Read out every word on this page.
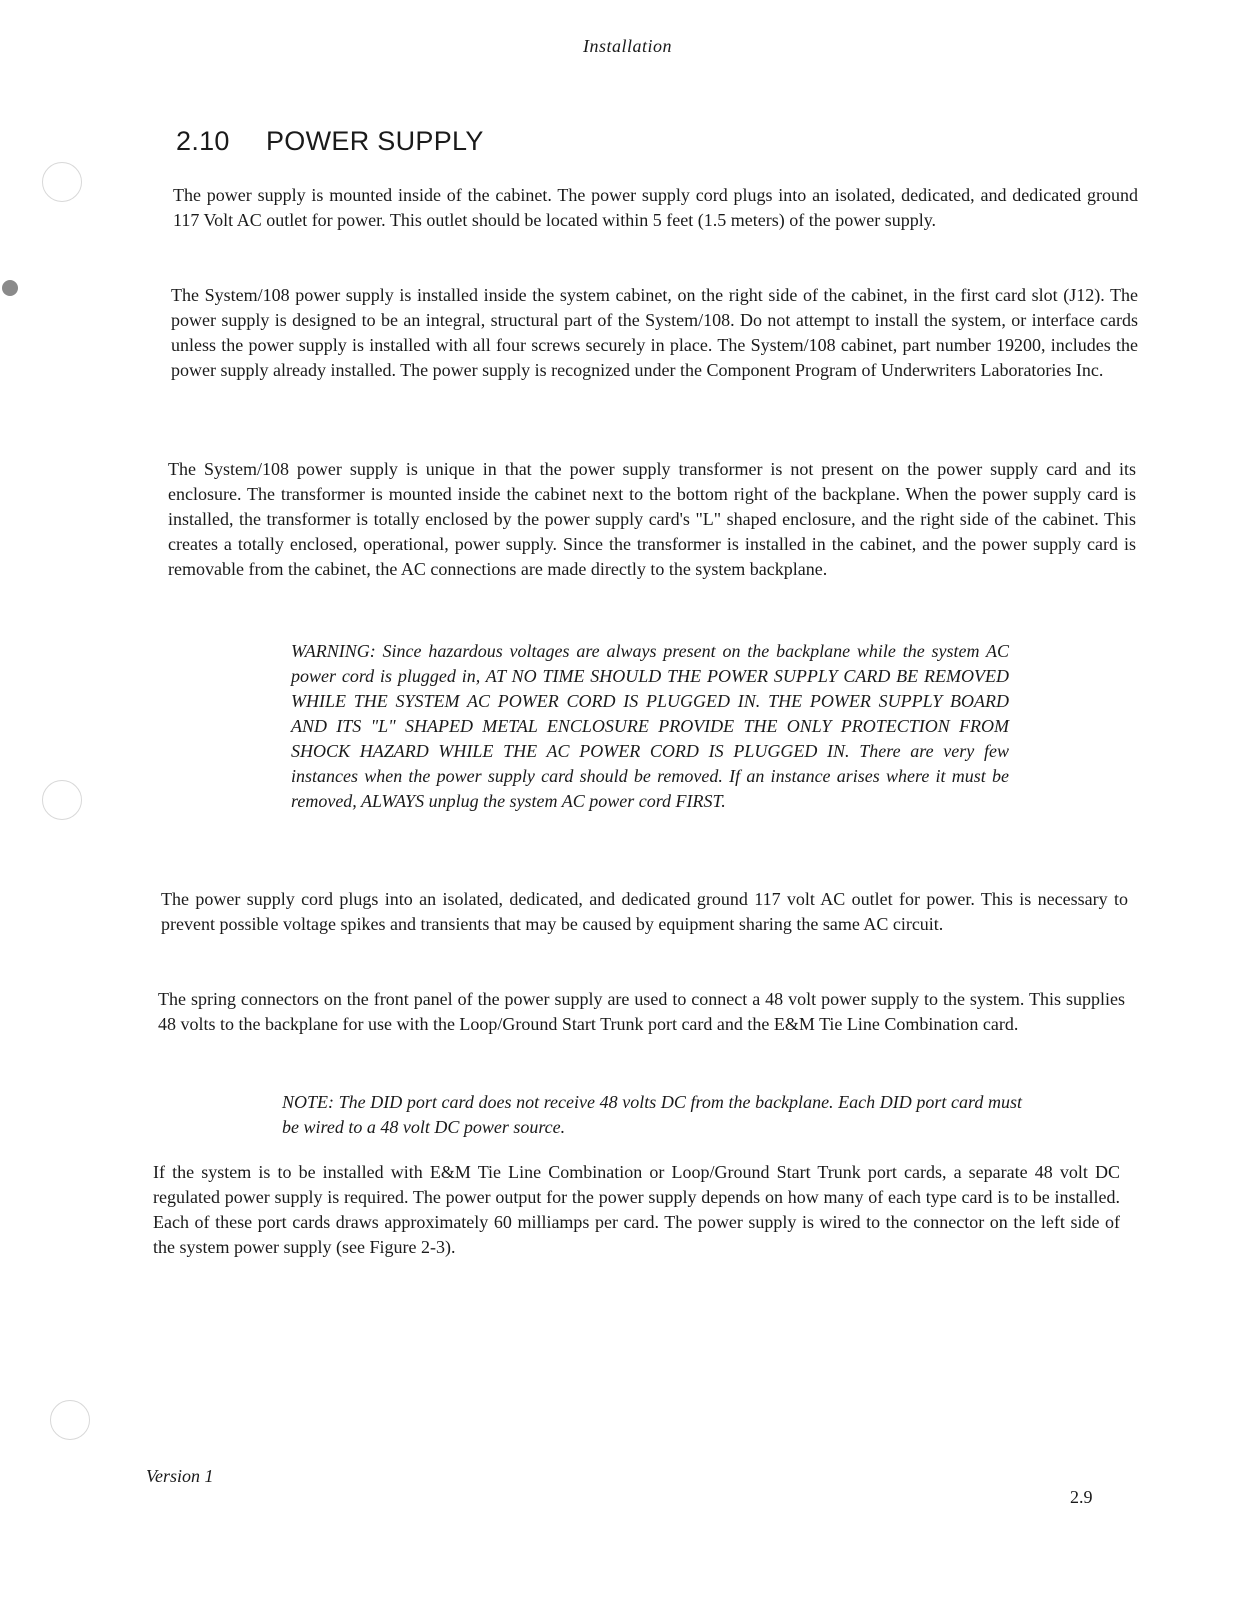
Installation
2.10 POWER SUPPLY

The power supply is mounted inside of the cabinet. The power supply cord plugs into an isolated, dedicated, and dedicated ground 117 Volt AC outlet for power. This outlet should be located within 5 feet (1.5 meters) of the power supply.

The System/108 power supply is installed inside the system cabinet, on the right side of the cabinet, in the first card slot (J12). The power supply is designed to be an integral, structural part of the System/108. Do not attempt to install the system, or interface cards unless the power supply is installed with all four screws securely in place. The System/108 cabinet, part number 19200, includes the power supply already installed. The power supply is recognized under the Component Program of Underwriters Laboratories Inc.

The System/108 power supply is unique in that the power supply transformer is not present on the power supply card and its enclosure. The transformer is mounted inside the cabinet next to the bottom right of the backplane. When the power supply card is installed, the transformer is totally enclosed by the power supply card's "L" shaped enclosure, and the right side of the cabinet. This creates a totally enclosed, operational, power supply. Since the transformer is installed in the cabinet, and the power supply card is removable from the cabinet, the AC connections are made directly to the system backplane.

WARNING: Since hazardous voltages are always present on the backplane while the system AC power cord is plugged in, AT NO TIME SHOULD THE POWER SUPPLY CARD BE REMOVED WHILE THE SYSTEM AC POWER CORD IS PLUGGED IN. THE POWER SUPPLY BOARD AND ITS "L" SHAPED METAL ENCLOSURE PROVIDE THE ONLY PROTECTION FROM SHOCK HAZARD WHILE THE AC POWER CORD IS PLUGGED IN. There are very few instances when the power supply card should be removed. If an instance arises where it must be removed, ALWAYS unplug the system AC power cord FIRST.

The power supply cord plugs into an isolated, dedicated, and dedicated ground 117 volt AC outlet for power. This is necessary to prevent possible voltage spikes and transients that may be caused by equipment sharing the same AC circuit.

The spring connectors on the front panel of the power supply are used to connect a 48 volt power supply to the system. This supplies 48 volts to the backplane for use with the Loop/Ground Start Trunk port card and the E&M Tie Line Combination card.

NOTE: The DID port card does not receive 48 volts DC from the backplane. Each DID port card must be wired to a 48 volt DC power source.

If the system is to be installed with E&M Tie Line Combination or Loop/Ground Start Trunk port cards, a separate 48 volt DC regulated power supply is required. The power output for the power supply depends on how many of each type card is to be installed. Each of these port cards draws approximately 60 milliamps per card. The power supply is wired to the connector on the left side of the system power supply (see Figure 2-3).

Version 1
2.9
